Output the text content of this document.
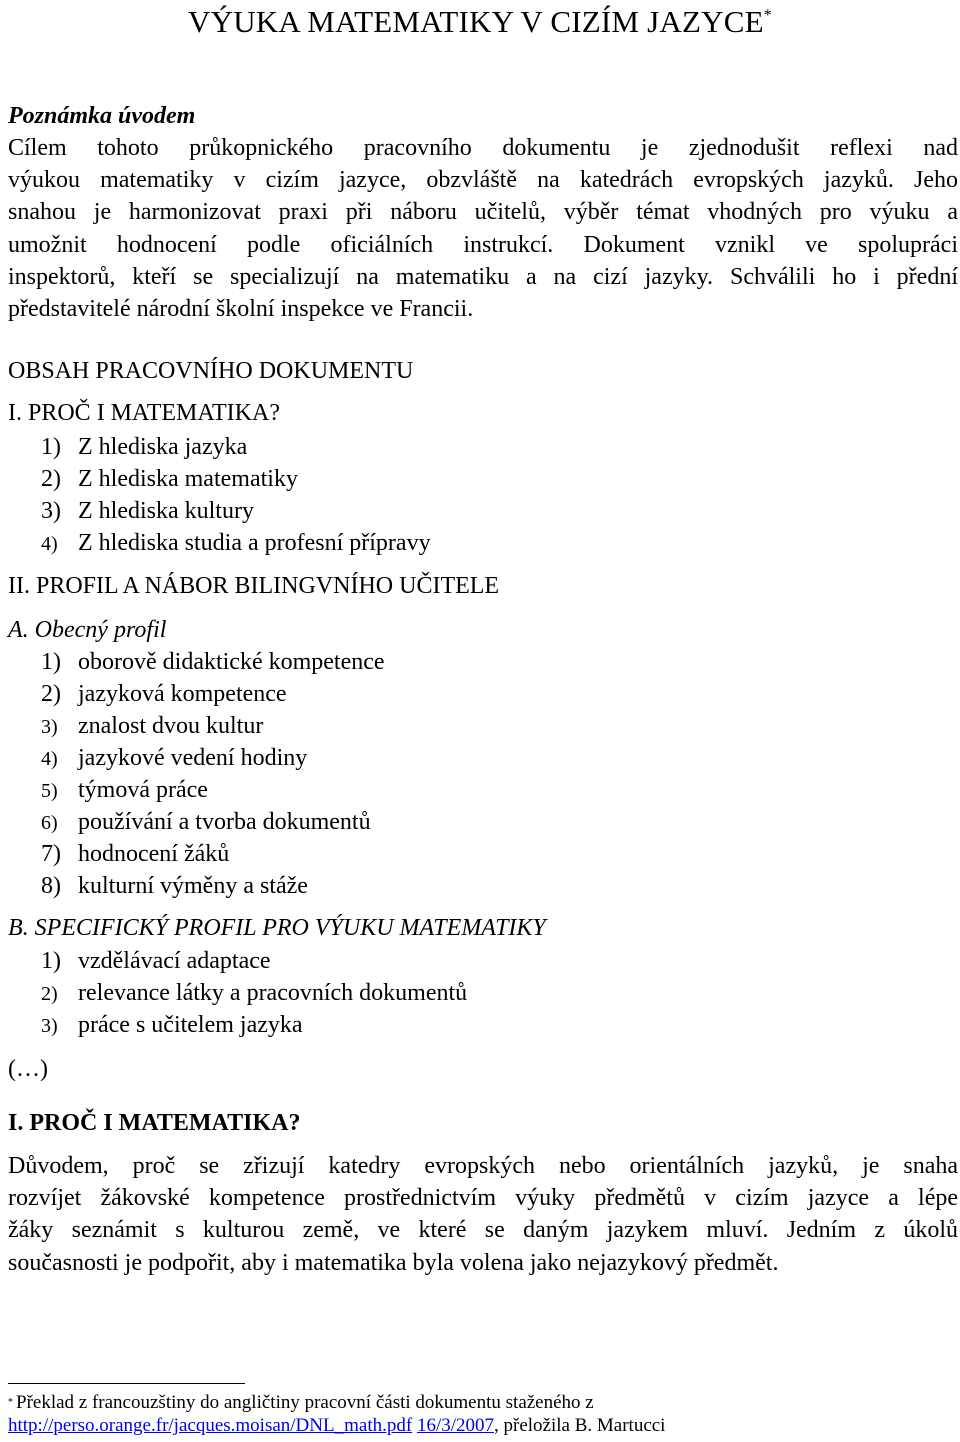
VÝUKA MATEMATIKY V CIZÍM JAZYCE*
Poznámka úvodem
Cílem tohoto průkopnického pracovního dokumentu je zjednodušit reflexi nad
výukou matematiky v cizím jazyce, obzvláště na katedrách evropských jazyků. Jeho
snahou je harmonizovat praxi při náboru učitelů, výběr témat vhodných pro výuku a
umožnit hodnocení podle oficiálních instrukcí. Dokument vznikl ve spolupráci
inspektorů, kteří se specializují na matematiku a na cizí jazyky. Schválili ho i přední
představitelé národní školní inspekce ve Francii.
OBSAH PRACOVNÍHO DOKUMENTU
I. PROČ I MATEMATIKA?
1) Z hlediska jazyka
2) Z hlediska matematiky
3) Z hlediska kultury
4) Z hlediska studia a profesní přípravy
II. PROFIL A NÁBOR BILINGVNÍHO UČITELE
A. Obecný profil
1) oborově didaktické kompetence
2) jazyková kompetence
3) znalost dvou kultur
4) jazykové vedení hodiny
5) týmová práce
6) používání a tvorba dokumentů
7) hodnocení žáků
8) kulturní výměny a stáže
B. SPECIFICKÝ PROFIL PRO VÝUKU MATEMATIKY
1) vzdělávací adaptace
2) relevance látky a pracovních dokumentů
3) práce s učitelem jazyka
(…)
I. PROČ I MATEMATIKA?
Důvodem, proč se zřizují katedry evropských nebo orientálních jazyků, je snaha
rozvíjet žákovské kompetence prostřednictvím výuky předmětů v cizím jazyce a lépe
žáky seznámit s kulturou země, ve které se daným jazykem mluví. Jedním z úkolů
současnosti je podpořit, aby i matematika byla volena jako nejazykový předmět.
* Překlad z francouzštiny do angličtiny pracovní části dokumentu staženého z
http://perso.orange.fr/jacques.moisan/DNL_math.pdf 16/3/2007, přeložila B. Martucci
